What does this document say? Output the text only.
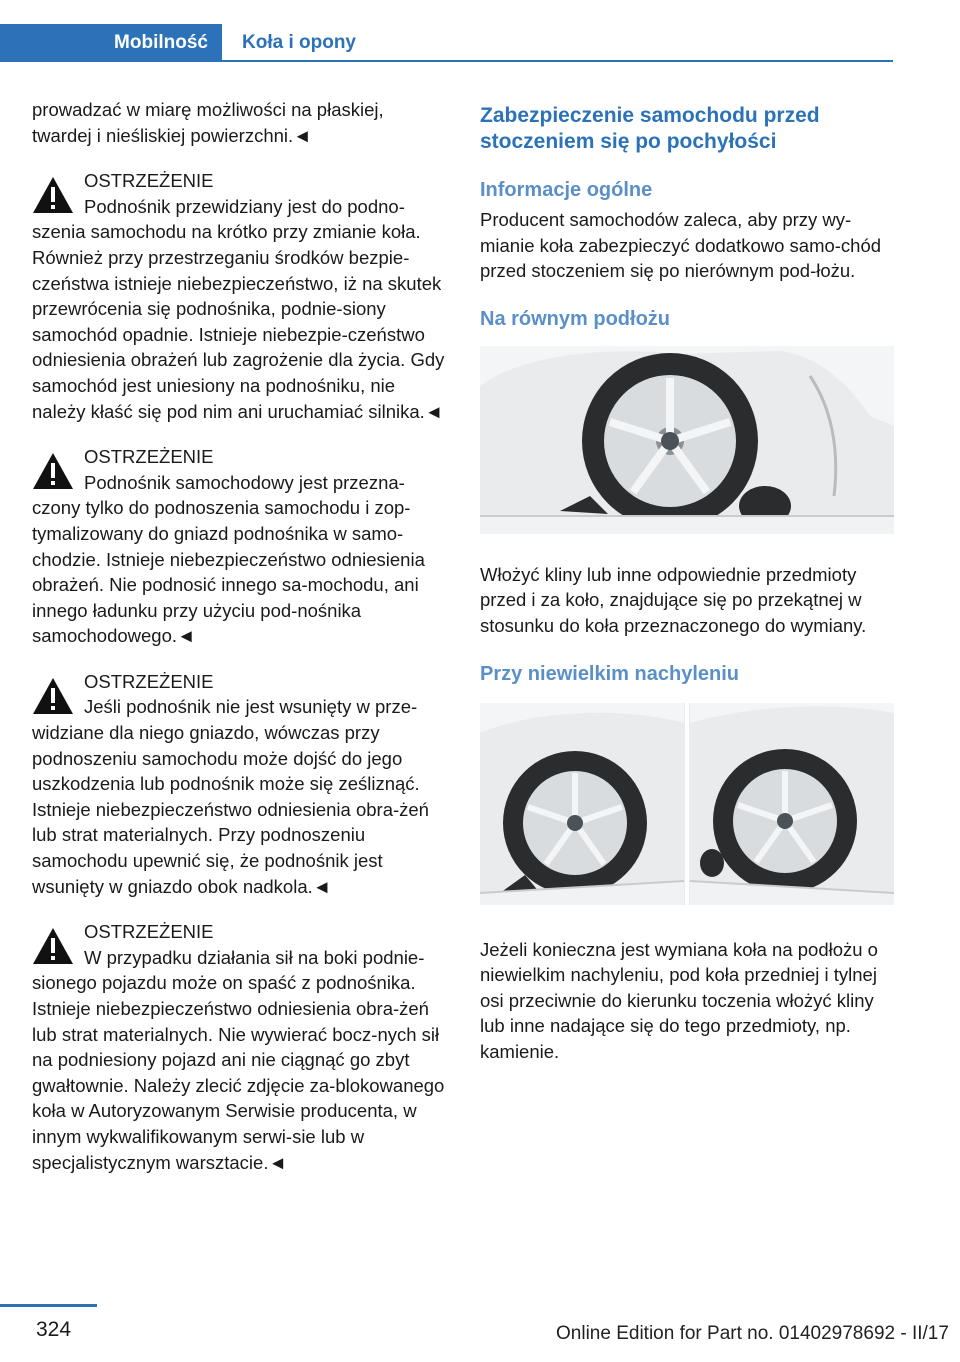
Mobilność	Koła i opony

prowadzać w miarę możliwości na płaskiej, twardej i nieśliskiej powierzchni.◄

OSTRZEŻENIE

Podnośnik przewidziany jest do podno‐

szenia samochodu na krótko przy zmianie koła. Również przy przestrzeganiu środków bezpie‐czeństwa istnieje niebezpieczeństwo, iż na skutek przewrócenia się podnośnika, podnie‐siony samochód opadnie. Istnieje niebezpie‐czeństwo odniesienia obrażeń lub zagrożenie dla życia. Gdy samochód jest uniesiony na podnośniku, nie należy kłaść się pod nim ani uruchamiać silnika.◄

OSTRZEŻENIE

Podnośnik samochodowy jest przezna‐

czony tylko do podnoszenia samochodu i zop‐tymalizowany do gniazd podnośnika w samo‐chodzie. Istnieje niebezpieczeństwo odniesienia obrażeń. Nie podnosić innego sa‐mochodu, ani innego ładunku przy użyciu pod‐nośnika samochodowego.◄

OSTRZEŻENIE

Jeśli podnośnik nie jest wsunięty w prze‐

widziane dla niego gniazdo, wówczas przy podnoszeniu samochodu może dojść do jego uszkodzenia lub podnośnik może się ześliznąć. Istnieje niebezpieczeństwo odniesienia obra‐żeń lub strat materialnych. Przy podnoszeniu samochodu upewnić się, że podnośnik jest wsunięty w gniazdo obok nadkola.◄

OSTRZEŻENIE

W przypadku działania sił na boki podnie‐

sionego pojazdu może on spaść z podnośnika. Istnieje niebezpieczeństwo odniesienia obra‐żeń lub strat materialnych. Nie wywierać bocz‐nych sił na podniesiony pojazd ani nie ciągnąć go zbyt gwałtownie. Należy zlecić zdjęcie za‐blokowanego koła w Autoryzowanym Serwisie producenta, w innym wykwalifikowanym serwi‐sie lub w specjalistycznym warsztacie.◄

Zabezpieczenie samochodu przed stoczeniem się po pochyłości

Informacje ogólne

Producent samochodów zaleca, aby przy wy‐mianie koła zabezpieczyć dodatkowo samo‐chód przed stoczeniem się po nierównym pod‐łożu.

Na równym podłożu

Włożyć kliny lub inne odpowiednie przedmioty przed i za koło, znajdujące się po przekątnej w stosunku do koła przeznaczonego do wymiany.

Przy niewielkim nachyleniu

Jeżeli konieczna jest wymiana koła na podłożu o niewielkim nachyleniu, pod koła przedniej i tylnej osi przeciwnie do kierunku toczenia włożyć kliny lub inne nadające się do tego przedmioty, np. kamienie.

324	Online Edition for Part no. 01402978692 - II/17
